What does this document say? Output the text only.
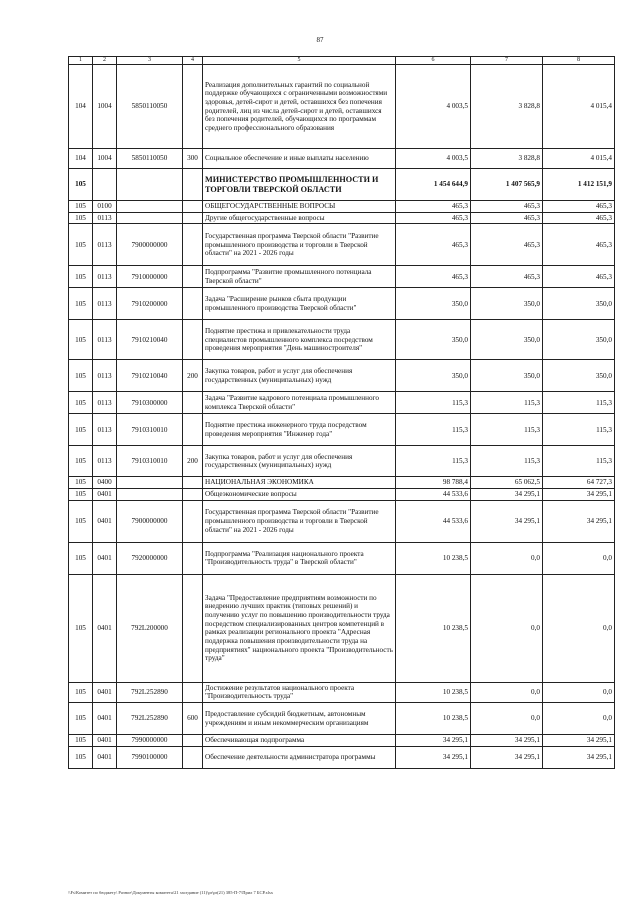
87
1	2	3	4	5	6	7	8
104	1004	5850110050		Реализация дополнительных гарантий по социальной поддержке обучающихся с ограниченными возможностями здоровья, детей-сирот и детей, оставшихся без попечения родителей, лиц из числа детей-сирот и детей, оставшихся без попечения родителей, обучающихся по программам среднего профессионального образования	4 003,5	3 828,8	4 015,4
104	1004	5850110050	300	Социальное обеспечение и иные выплаты населению	4 003,5	3 828,8	4 015,4
105				МИНИСТЕРСТВО ПРОМЫШЛЕННОСТИ И ТОРГОВЛИ ТВЕРСКОЙ ОБЛАСТИ	1 454 644,9	1 407 565,9	1 412 151,9
105	0100			ОБЩЕГОСУДАРСТВЕННЫЕ ВОПРОСЫ	465,3	465,3	465,3
105	0113			Другие общегосударственные вопросы	465,3	465,3	465,3
105	0113	7900000000		Государственная программа Тверской области "Развитие промышленного производства и торговли в Тверской области" на 2021 - 2026 годы	465,3	465,3	465,3
105	0113	7910000000		Подпрограмма "Развитие промышленного потенциала Тверской области"	465,3	465,3	465,3
105	0113	7910200000		Задача "Расширение рынков сбыта продукции промышленного производства Тверской области"	350,0	350,0	350,0
105	0113	7910210040		Поднятие престижа и привлекательности труда специалистов промышленного комплекса посредством проведения мероприятия "День машиностроителя"	350,0	350,0	350,0
105	0113	7910210040	200	Закупка товаров, работ и услуг для обеспечения государственных (муниципальных) нужд	350,0	350,0	350,0
105	0113	7910300000		Задача "Развитие кадрового потенциала промышленного комплекса Тверской области"	115,3	115,3	115,3
105	0113	7910310010		Поднятие престижа инженерного труда посредством проведения мероприятия "Инженер года"	115,3	115,3	115,3
105	0113	7910310010	200	Закупка товаров, работ и услуг для обеспечения государственных (муниципальных) нужд	115,3	115,3	115,3
105	0400			НАЦИОНАЛЬНАЯ ЭКОНОМИКА	98 788,4	65 062,5	64 727,3
105	0401			Общеэкономические вопросы	44 533,6	34 295,1	34 295,1
105	0401	7900000000		Государственная программа Тверской области "Развитие промышленного производства и торговли в Тверской области" на 2021 - 2026 годы	44 533,6	34 295,1	34 295,1
105	0401	7920000000		Подпрограмма "Реализация национального проекта "Производительность труда" в Тверской области"	10 238,5	0,0	0,0
105	0401	792L200000		Задача "Предоставление предприятиям возможности по внедрению лучших практик (типовых решений) и получению услуг по повышению производительности труда посредством специализированных центров компетенций в рамках реализации регионального проекта "Адресная поддержка повышения производительности труда на предприятиях" национального проекта "Производительность труда"	10 238,5	0,0	0,0
105	0401	792L252890		Достижение результатов национального проекта "Производительность труда"	10 238,5	0,0	0,0
105	0401	792L252890	600	Предоставление субсидий бюджетным, автономным учреждениям и иным некоммерческим организациям	10 238,5	0,0	0,0
105	0401	7990000000		Обеспечивающая подпрограмма	34 295,1	34 295,1	34 295,1
105	0401	7990100000		Обеспечение деятельности администратора программы	34 295,1	34 295,1	34 295,1
\\Fs\Комитет по бюджету\ Разное\Документы комитета\21 заседание (11)\pr\pr(21) 385-П-7\Прил 7 БСР.xlsx
